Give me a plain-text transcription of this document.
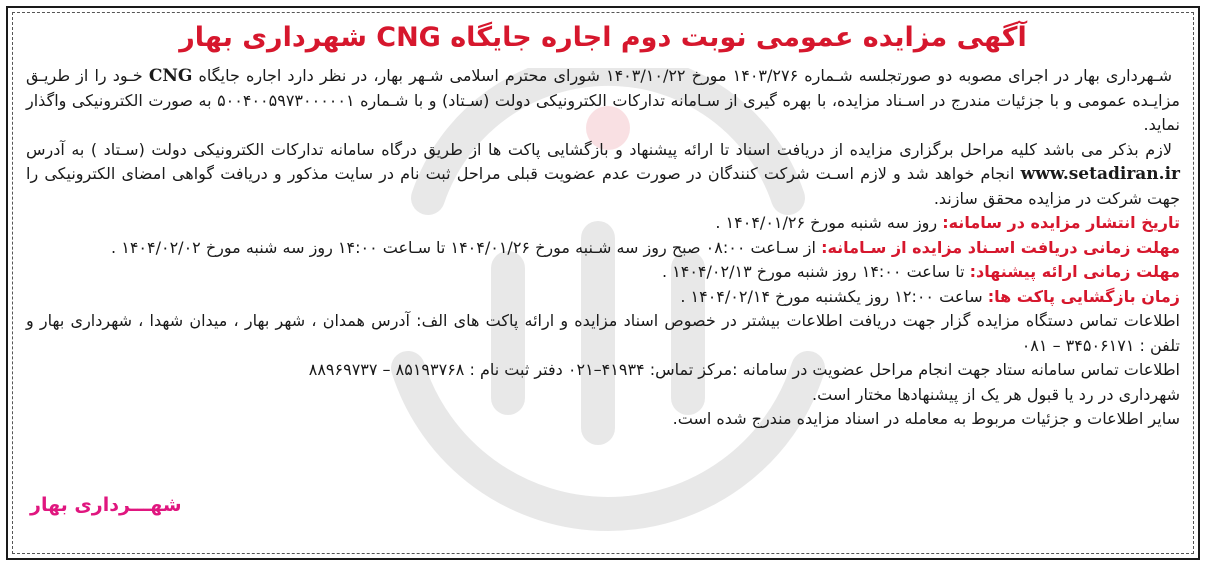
آگهی مزایده عمومی نوبت دوم اجاره جایگاه CNG شهرداری بهار

شـهرداری بهار در اجرای مصوبه دو صورتجلسه شـماره ۱۴۰۳/۲۷۶ مورخ ۱۴۰۳/۱۰/۲۲ شورای محترم اسلامی شـهر بهار، در نظر دارد اجاره جایگاه CNG خـود را از طریـق مزایـده عمومی و با جزئیات مندرج در اسـناد مزایده، با بهره گیری از سـامانه تدارکات الکترونیکی دولت (سـتاد) و با شـماره ۵۰۰۴۰۰۵۹۷۳۰۰۰۰۰۱ به صورت الکترونیکی واگذار نماید.

لازم بذکر می باشد کلیه مراحل برگزاری مزایده از دریافت اسناد تا ارائه پیشنهاد و بازگشایی پاکت ها از طریق درگاه سامانه تدارکات الکترونیکی دولت (سـتاد ) به آدرس www.setadiran.ir انجام خواهد شد و لازم اسـت شرکت کنندگان در صورت عدم عضویت قبلی مراحل ثبت نام در سایت مذکور و دریافت گواهی امضای الکترونیکی را جهت شرکت در مزایده محقق سازند.

تاریخ انتشار مزایده در سامانه: روز سه شنبه مورخ ۱۴۰۴/۰۱/۲۶ .

مهلت زمانی دریافت اسـناد مزایده از سـامانه: از سـاعت ۰۸:۰۰ صبح روز سه شـنبه مورخ ۱۴۰۴/۰۱/۲۶ تا سـاعت ۱۴:۰۰ روز سه شنبه مورخ ۱۴۰۴/۰۲/۰۲ .

مهلت زمانی ارائه پیشنهاد: تا ساعت ۱۴:۰۰ روز شنبه مورخ ۱۴۰۴/۰۲/۱۳ .

زمان بازگشایی پاکت ها: ساعت ۱۲:۰۰ روز یکشنبه مورخ ۱۴۰۴/۰۲/۱۴ .

اطلاعات تماس دستگاه مزایده گزار جهت دریافت اطلاعات بیشتر در خصوص اسناد مزایده و ارائه پاکت های الف: آدرس همدان ، شهر بهار ، میدان شهدا ، شهرداری بهار و تلفن : ۳۴۵۰۶۱۷۱ – ۰۸۱

اطلاعات تماس سامانه ستاد جهت انجام مراحل عضویت در سامانه :مرکز تماس: ۴۱۹۳۴–۰۲۱ دفتر ثبت نام : ۸۵۱۹۳۷۶۸ – ۸۸۹۶۹۷۳۷

شهرداری در رد یا قبول هر یک از پیشنهادها مختار است.

سایر اطلاعات و جزئیات مربوط به معامله در اسناد مزایده مندرج شده است.

شهـــرداری بهار
